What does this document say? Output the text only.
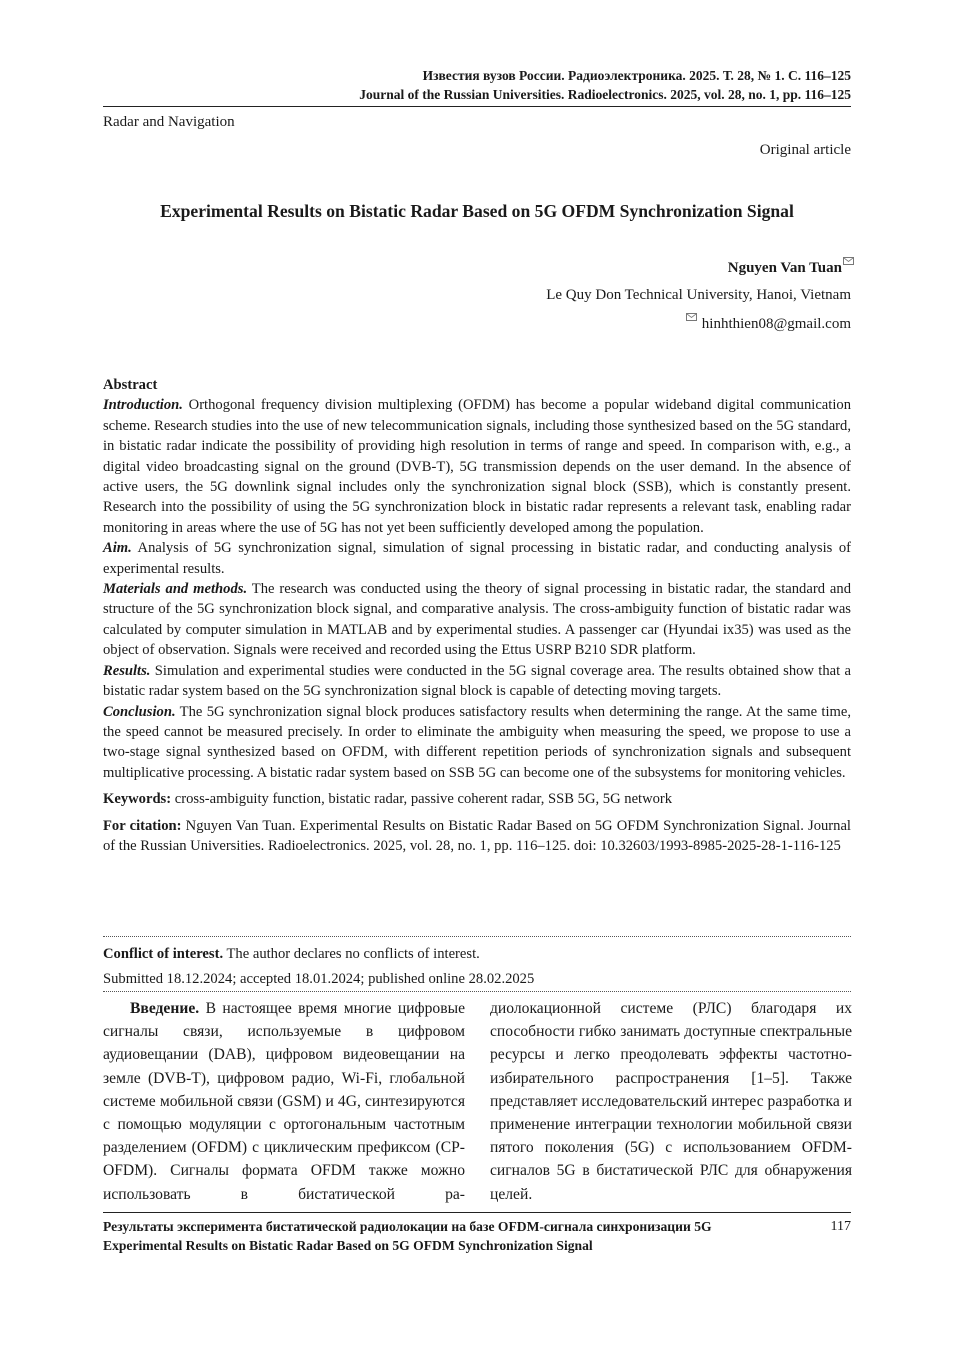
Известия вузов России. Радиоэлектроника. 2025. Т. 28, № 1. С. 116–125
Journal of the Russian Universities. Radioelectronics. 2025, vol. 28, no. 1, pp. 116–125
Radar and Navigation
Original article
Experimental Results on Bistatic Radar Based on 5G OFDM Synchronization Signal
Nguyen Van Tuan
Le Quy Don Technical University, Hanoi, Vietnam
hinhthien08@gmail.com
Abstract
Introduction. Orthogonal frequency division multiplexing (OFDM) has become a popular wideband digital communication scheme. Research studies into the use of new telecommunication signals, including those synthesized based on the 5G standard, in bistatic radar indicate the possibility of providing high resolution in terms of range and speed. In comparison with, e.g., a digital video broadcasting signal on the ground (DVB-T), 5G transmission depends on the user demand. In the absence of active users, the 5G downlink signal includes only the synchronization signal block (SSB), which is constantly present. Research into the possibility of using the 5G synchronization block in bistatic radar represents a relevant task, enabling radar monitoring in areas where the use of 5G has not yet been sufficiently developed among the population.
Aim. Analysis of 5G synchronization signal, simulation of signal processing in bistatic radar, and conducting analysis of experimental results.
Materials and methods. The research was conducted using the theory of signal processing in bistatic radar, the standard and structure of the 5G synchronization block signal, and comparative analysis. The cross-ambiguity function of bistatic radar was calculated by computer simulation in MATLAB and by experimental studies. A passenger car (Hyundai ix35) was used as the object of observation. Signals were received and recorded using the Ettus USRP B210 SDR platform.
Results. Simulation and experimental studies were conducted in the 5G signal coverage area. The results obtained show that a bistatic radar system based on the 5G synchronization signal block is capable of detecting moving targets.
Conclusion. The 5G synchronization signal block produces satisfactory results when determining the range. At the same time, the speed cannot be measured precisely. In order to eliminate the ambiguity when measuring the speed, we propose to use a two-stage signal synthesized based on OFDM, with different repetition periods of synchronization signals and subsequent multiplicative processing. A bistatic radar system based on SSB 5G can become one of the subsystems for monitoring vehicles.
Keywords: cross-ambiguity function, bistatic radar, passive coherent radar, SSB 5G, 5G network
For citation: Nguyen Van Tuan. Experimental Results on Bistatic Radar Based on 5G OFDM Synchronization Signal. Journal of the Russian Universities. Radioelectronics. 2025, vol. 28, no. 1, pp. 116–125. doi: 10.32603/1993-8985-2025-28-1-116-125
Conflict of interest. The author declares no conflicts of interest.
Submitted 18.12.2024; accepted 18.01.2024; published online 28.02.2025
Введение. В настоящее время многие цифровые сигналы связи, используемые в цифровом аудиовещании (DAB), цифровом видеовещании на земле (DVB-T), цифровом радио, Wi-Fi, глобальной системе мобильной связи (GSM) и 4G, синтезируются с помощью модуляции с ортогональным частотным разделением (OFDM) с циклическим префиксом (CP-OFDM). Сигналы формата OFDM также можно использовать в бистатической ра-
диолокационной системе (РЛС) благодаря их способности гибко занимать доступные спектральные ресурсы и легко преодолевать эффекты частотно-избирательного распространения [1–5]. Также представляет исследовательский интерес разработка и применение интеграции технологии мобильной связи пятого поколения (5G) с использованием OFDM-сигналов 5G в бистатической РЛС для обнаружения целей.
Результаты эксперимента бистатической радиолокации на базе OFDM-сигнала синхронизации 5G
Experimental Results on Bistatic Radar Based on 5G OFDM Synchronization Signal
117
